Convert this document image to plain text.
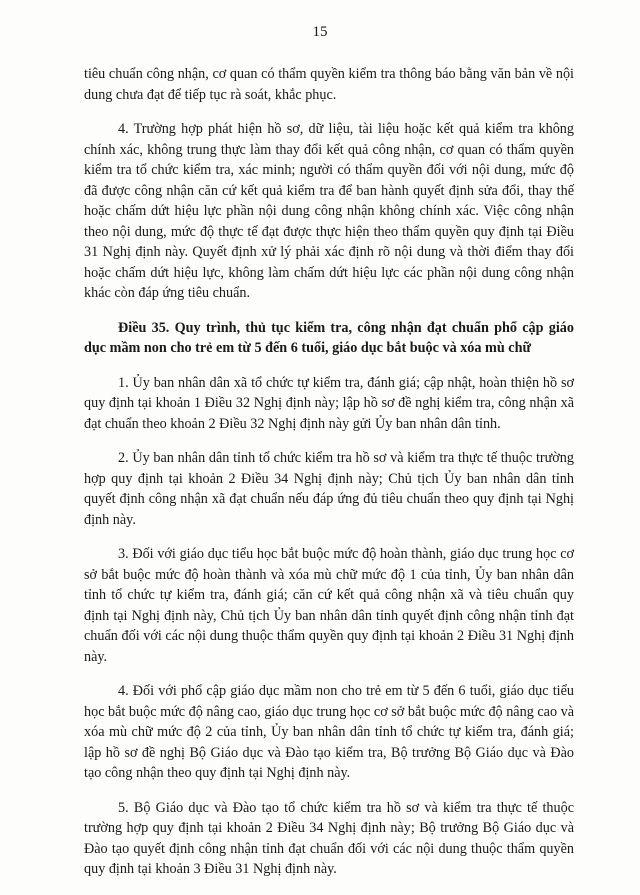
15

tiêu chuẩn công nhận, cơ quan có thẩm quyền kiểm tra thông báo bằng văn bản về nội dung chưa đạt để tiếp tục rà soát, khắc phục.

4. Trường hợp phát hiện hồ sơ, dữ liệu, tài liệu hoặc kết quả kiểm tra không chính xác, không trung thực làm thay đổi kết quả công nhận, cơ quan có thẩm quyền kiểm tra tổ chức kiểm tra, xác minh; người có thẩm quyền đối với nội dung, mức độ đã được công nhận căn cứ kết quả kiểm tra để ban hành quyết định sửa đổi, thay thế hoặc chấm dứt hiệu lực phần nội dung công nhận không chính xác. Việc công nhận theo nội dung, mức độ thực tế đạt được thực hiện theo thẩm quyền quy định tại Điều 31 Nghị định này. Quyết định xử lý phải xác định rõ nội dung và thời điểm thay đổi hoặc chấm dứt hiệu lực, không làm chấm dứt hiệu lực các phần nội dung công nhận khác còn đáp ứng tiêu chuẩn.

Điều 35. Quy trình, thủ tục kiểm tra, công nhận đạt chuẩn phổ cập giáo dục mầm non cho trẻ em từ 5 đến 6 tuổi, giáo dục bắt buộc và xóa mù chữ

1. Ủy ban nhân dân xã tổ chức tự kiểm tra, đánh giá; cập nhật, hoàn thiện hồ sơ quy định tại khoản 1 Điều 32 Nghị định này; lập hồ sơ đề nghị kiểm tra, công nhận xã đạt chuẩn theo khoản 2 Điều 32 Nghị định này gửi Ủy ban nhân dân tỉnh.

2. Ủy ban nhân dân tỉnh tổ chức kiểm tra hồ sơ và kiểm tra thực tế thuộc trường hợp quy định tại khoản 2 Điều 34 Nghị định này; Chủ tịch Ủy ban nhân dân tỉnh quyết định công nhận xã đạt chuẩn nếu đáp ứng đủ tiêu chuẩn theo quy định tại Nghị định này.

3. Đối với giáo dục tiểu học bắt buộc mức độ hoàn thành, giáo dục trung học cơ sở bắt buộc mức độ hoàn thành và xóa mù chữ mức độ 1 của tỉnh, Ủy ban nhân dân tỉnh tổ chức tự kiểm tra, đánh giá; căn cứ kết quả công nhận xã và tiêu chuẩn quy định tại Nghị định này, Chủ tịch Ủy ban nhân dân tỉnh quyết định công nhận tỉnh đạt chuẩn đối với các nội dung thuộc thẩm quyền quy định tại khoản 2 Điều 31 Nghị định này.

4. Đối với phổ cập giáo dục mầm non cho trẻ em từ 5 đến 6 tuổi, giáo dục tiểu học bắt buộc mức độ nâng cao, giáo dục trung học cơ sở bắt buộc mức độ nâng cao và xóa mù chữ mức độ 2 của tỉnh, Ủy ban nhân dân tỉnh tổ chức tự kiểm tra, đánh giá; lập hồ sơ đề nghị Bộ Giáo dục và Đào tạo kiểm tra, Bộ trưởng Bộ Giáo dục và Đào tạo công nhận theo quy định tại Nghị định này.

5. Bộ Giáo dục và Đào tạo tổ chức kiểm tra hồ sơ và kiểm tra thực tế thuộc trường hợp quy định tại khoản 2 Điều 34 Nghị định này; Bộ trưởng Bộ Giáo dục và Đào tạo quyết định công nhận tỉnh đạt chuẩn đối với các nội dung thuộc thẩm quyền quy định tại khoản 3 Điều 31 Nghị định này.
